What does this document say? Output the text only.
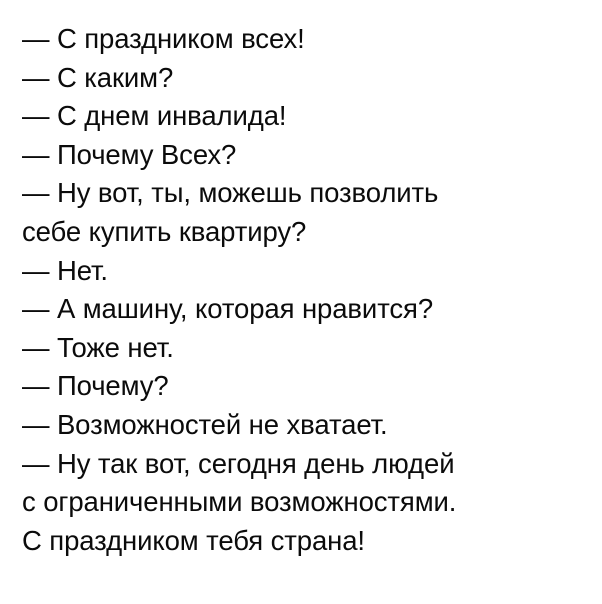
— С праздником всех!
— С каким?
— С днем инвалида!
— Почему Всех?
— Ну вот, ты, можешь позволить
себе купить квартиру?
— Нет.
— А машину, которая нравится?
— Тоже нет.
— Почему?
— Возможностей не хватает.
— Ну так вот, сегодня день людей
с ограниченными возможностями.
С праздником тебя страна!
